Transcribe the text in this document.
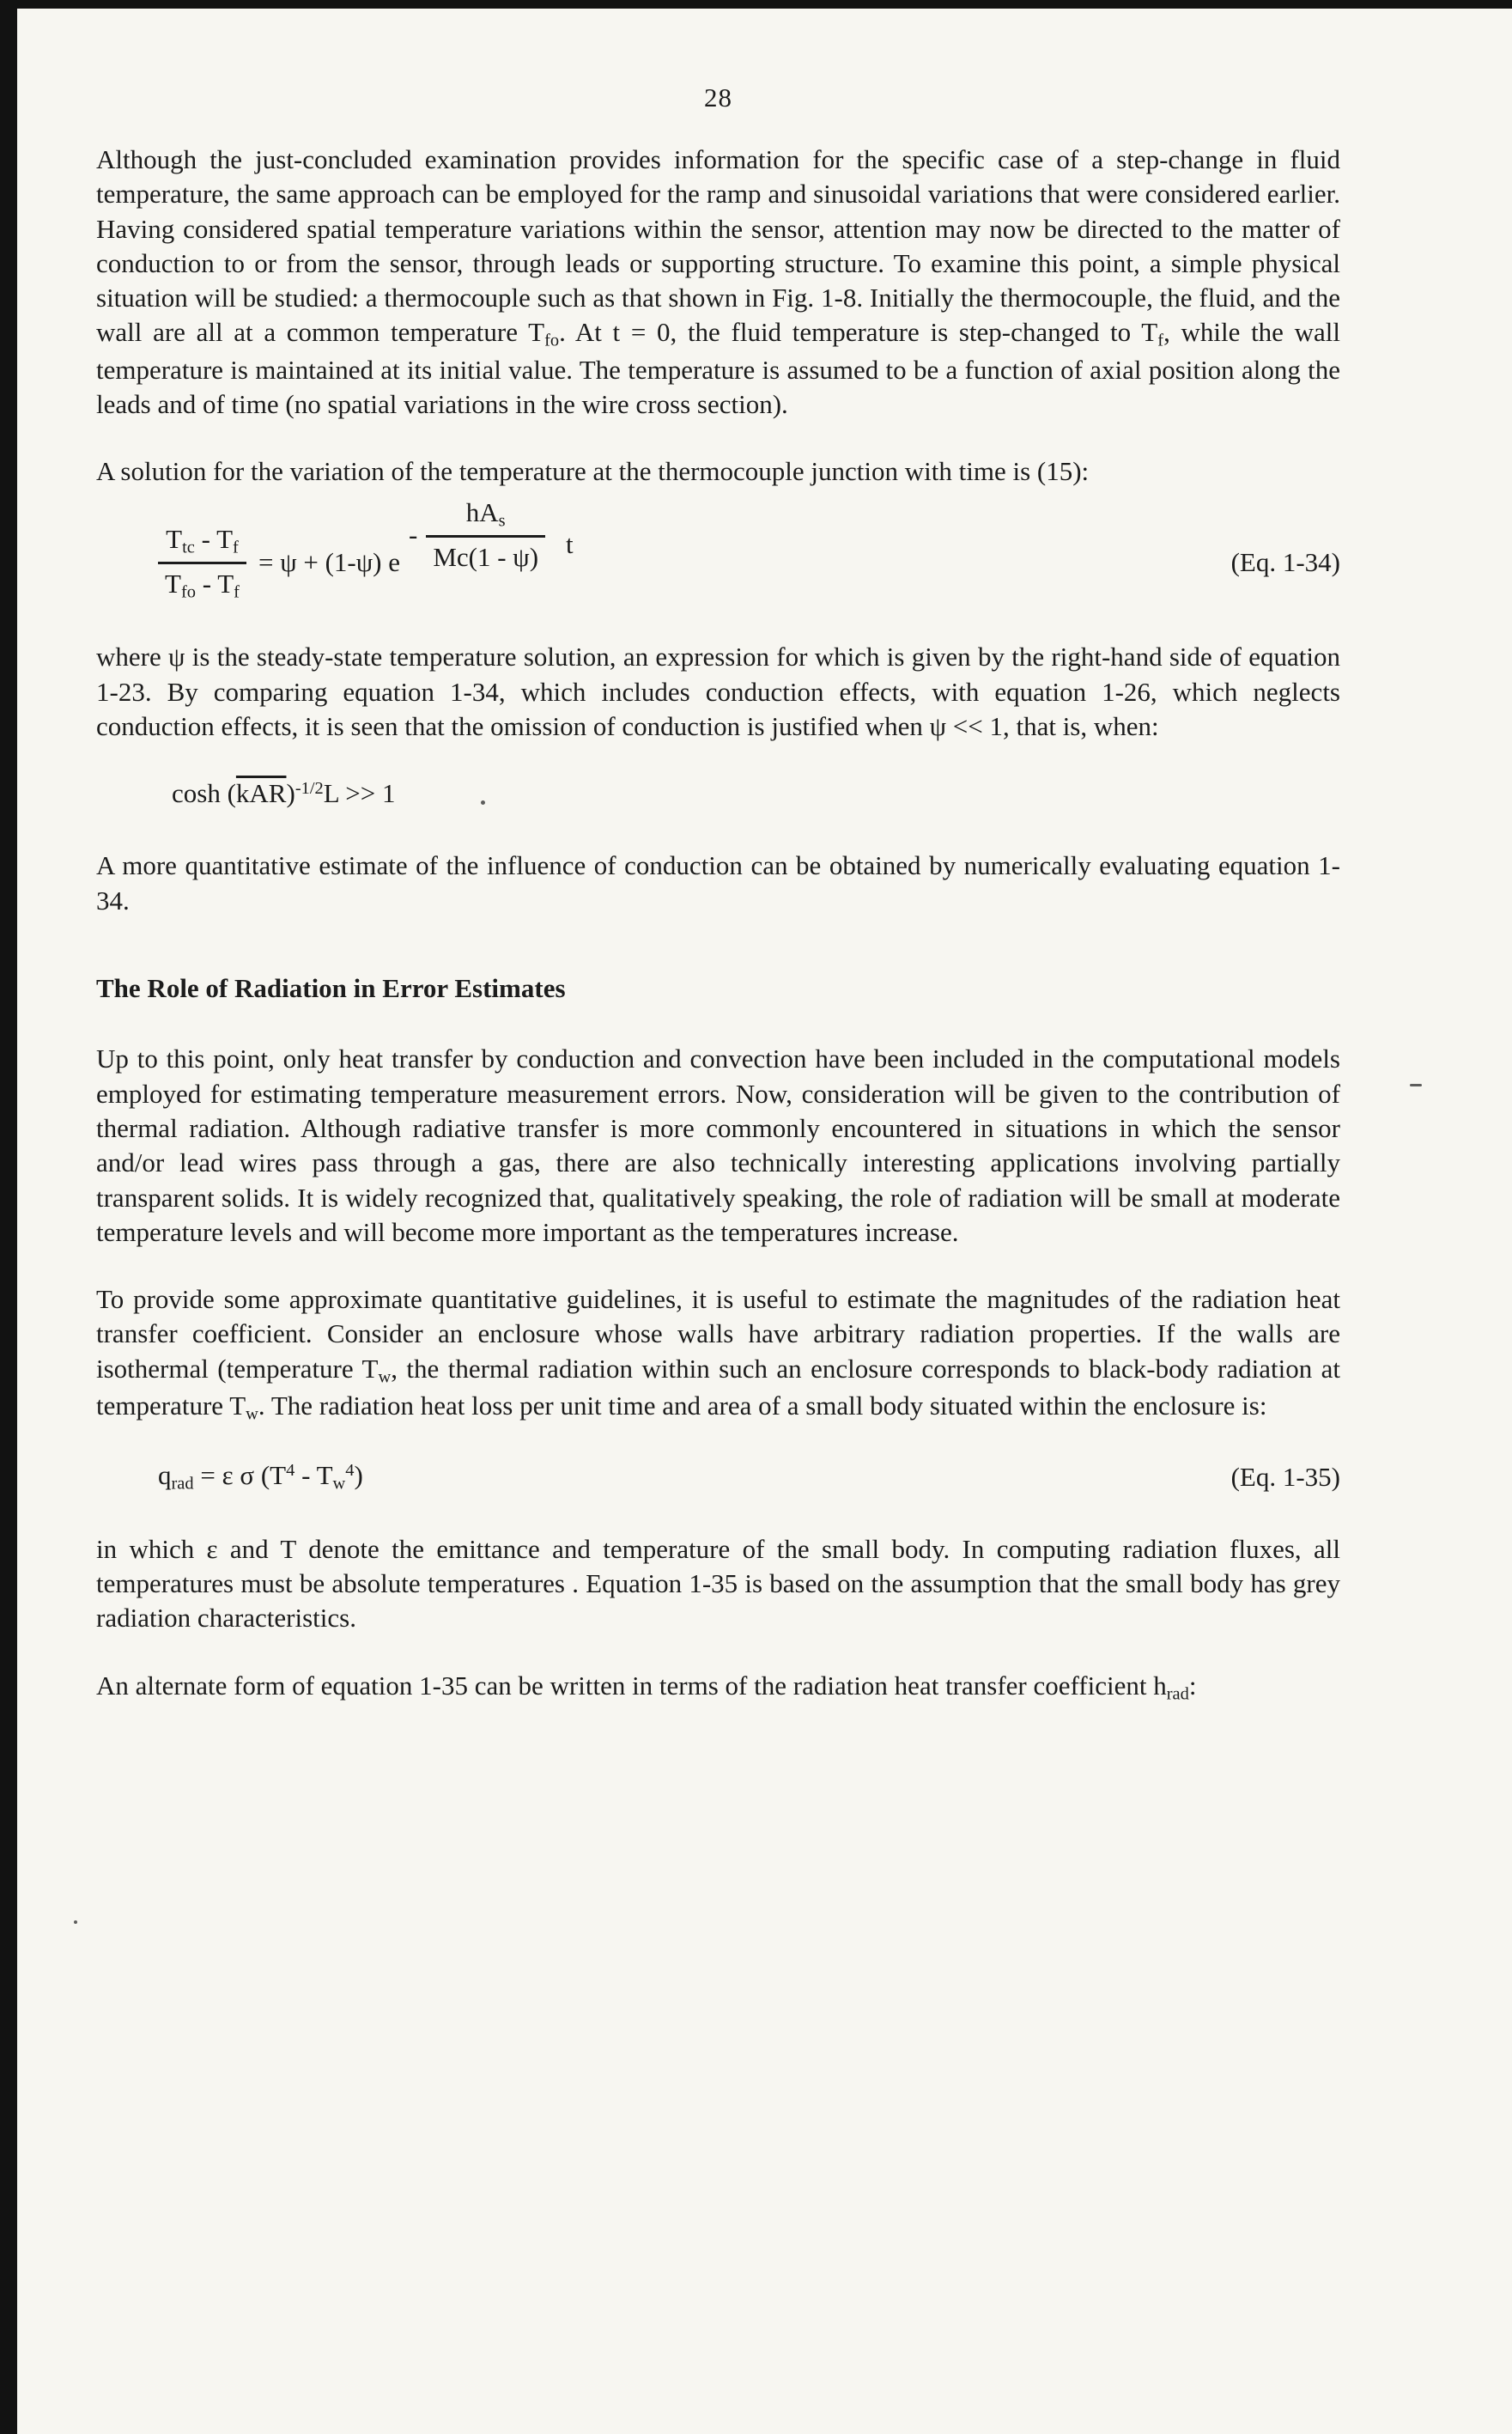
28

Although the just-concluded examination provides information for the specific case of a step-change in fluid temperature, the same approach can be employed for the ramp and sinusoidal variations that were considered earlier. Having considered spatial temperature variations within the sensor, attention may now be directed to the matter of conduction to or from the sensor, through leads or supporting structure. To examine this point, a simple physical situation will be studied: a thermocouple such as that shown in Fig. 1-8. Initially the thermocouple, the fluid, and the wall are all at a common temperature Tfo. At t = 0, the fluid temperature is step-changed to Tf, while the wall temperature is maintained at its initial value. The temperature is assumed to be a function of axial position along the leads and of time (no spatial variations in the wire cross section).

A solution for the variation of the temperature at the thermocouple junction with time is (15):

$\frac{\text{Ttc - Tf}}{\text{Tfo - Tf}} = \psi + (1-\psi)$ e
- $\frac{\text{hAs}}{Mc(1 - \psi)}$ t
(Eq. 1-34)

where ψ is the steady-state temperature solution, an expression for which is given by the right-hand side of equation 1-23. By comparing equation 1-34, which includes conduction effects, with equation 1-26, which neglects conduction effects, it is seen that the omission of conduction is justified when ψ << 1, that is, when:

$\cosh (\overline{kAR})^{-1/2}L >> 1$

A more quantitative estimate of the influence of conduction can be obtained by numerically evaluating equation 1-34.

The Role of Radiation in Error Estimates

Up to this point, only heat transfer by conduction and convection have been included in the computational models employed for estimating temperature measurement errors. Now, consideration will be given to the contribution of thermal radiation. Although radiative transfer is more commonly encountered in situations in which the sensor and/or lead wires pass through a gas, there are also technically interesting applications involving partially transparent solids. It is widely recognized that, qualitatively speaking, the role of radiation will be small at moderate temperature levels and will become more important as the temperatures increase.

To provide some approximate quantitative guidelines, it is useful to estimate the magnitudes of the radiation heat transfer coefficient. Consider an enclosure whose walls have arbitrary radiation properties. If the walls are isothermal (temperature Tw, the thermal radiation within such an enclosure corresponds to black-body radiation at temperature Tw. The radiation heat loss per unit time and area of a small body situated within the enclosure is:

qrad = ε σ $(T^4 - Tw^4)$	(Eq. 1-35)

in which ε and T denote the emittance and temperature of the small body. In computing radiation fluxes, all temperatures must be absolute temperatures . Equation 1-35 is based on the assumption that the small body has grey radiation characteristics.

An alternate form of equation 1-35 can be written in terms of the radiation heat transfer coefficient hrad:
